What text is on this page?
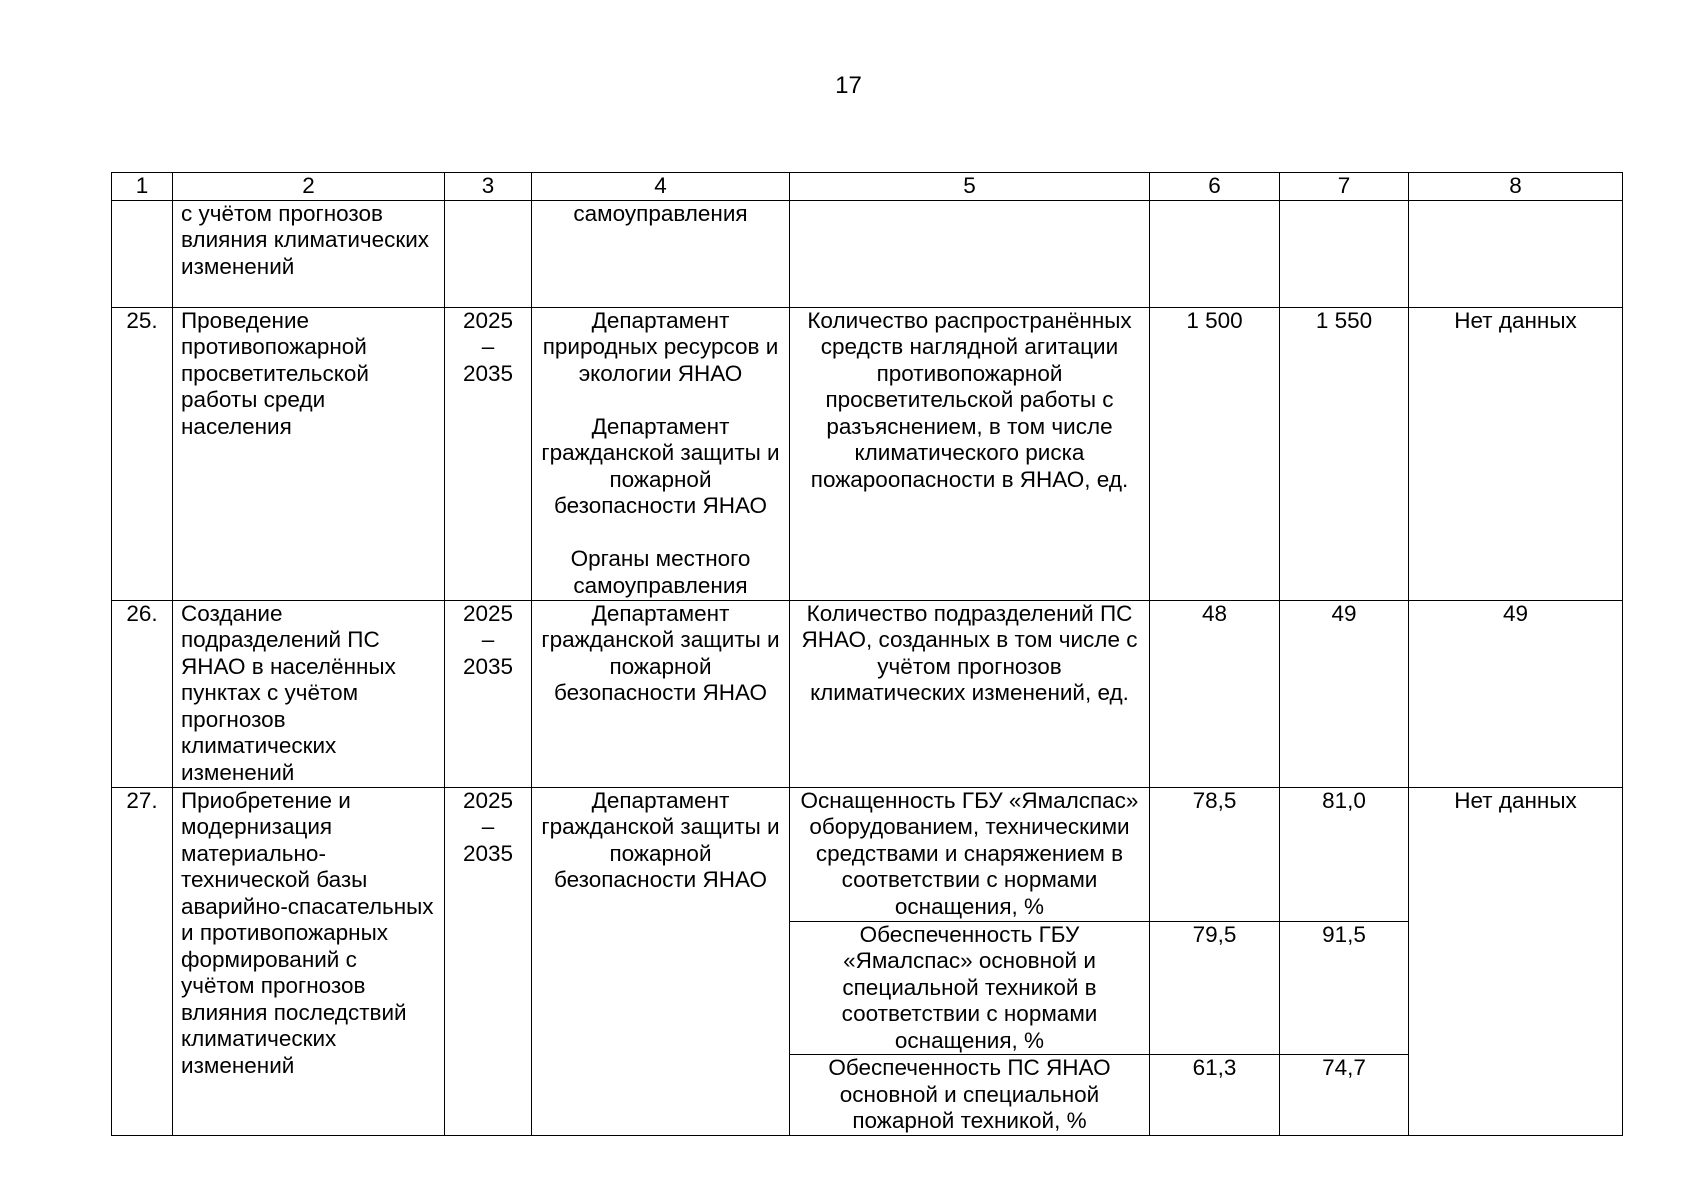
17
1	2	3	4	5	6	7	8
	с учётом прогнозов влияния климатических изменений		самоуправления				
25.	Проведение противопожарной просветительской работы среди населения	2025
–
2035	Департамент природных ресурсов и экологии ЯНАО
Департамент гражданской защиты и пожарной безопасности ЯНАО
Органы местного самоуправления	Количество распространённых средств наглядной агитации противопожарной просветительской работы с разъяснением, в том числе климатического риска пожароопасности в ЯНАО, ед.	1 500	1 550	Нет данных
26.	Создание подразделений ПС ЯНАО в населённых пунктах с учётом прогнозов климатических изменений	2025
–
2035	Департамент гражданской защиты и пожарной безопасности ЯНАО	Количество подразделений ПС ЯНАО, созданных в том числе с учётом прогнозов климатических изменений, ед.	48	49	49
27.	Приобретение и модернизация материально-технической базы аварийно-спасательных и противопожарных формирований с учётом прогнозов влияния последствий климатических изменений	2025
–
2035	Департамент гражданской защиты и пожарной безопасности ЯНАО	Оснащенность ГБУ «Ямалспас» оборудованием, техническими средствами и снаряжением в соответствии с нормами оснащения, %	78,5	81,0	Нет данных
				Обеспеченность ГБУ «Ямалспас» основной и специальной техникой в соответствии с нормами оснащения, %	79,5	91,5	
				Обеспеченность ПС ЯНАО основной и специальной пожарной техникой, %	61,3	74,7	
